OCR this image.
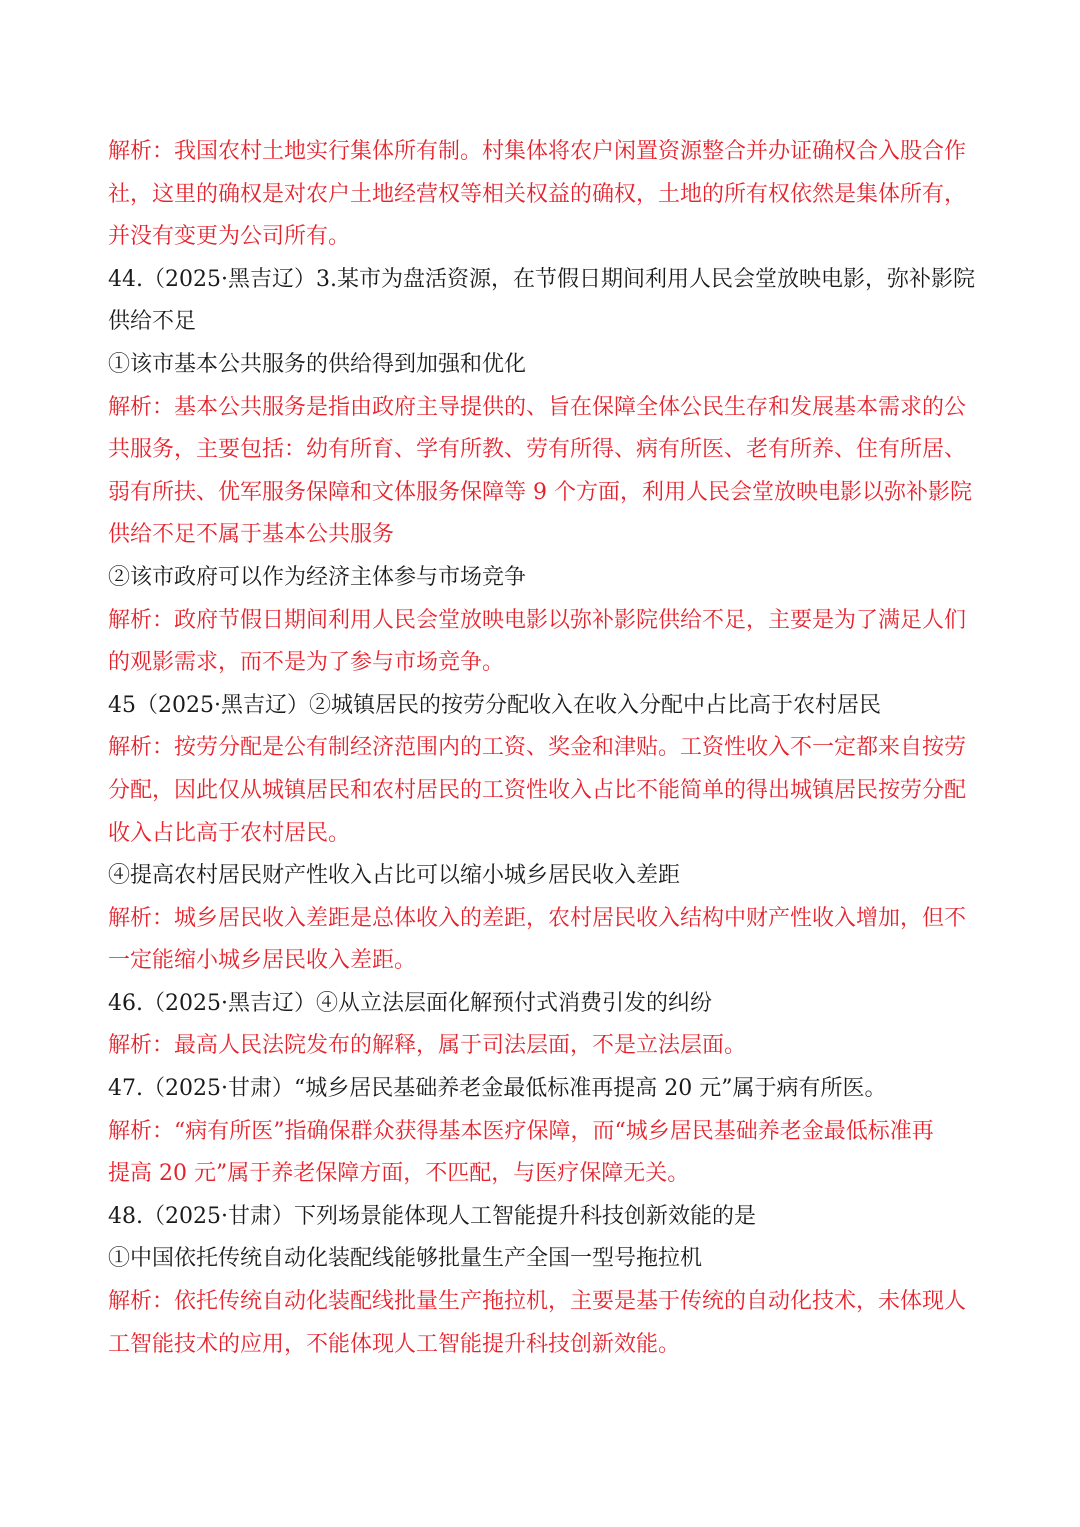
解析：我国农村土地实行集体所有制。村集体将农户闲置资源整合并办证确权合入股合作
社，这里的确权是对农户土地经营权等相关权益的确权，土地的所有权依然是集体所有，
并没有变更为公司所有。
44.（2025·黑吉辽）3.某市为盘活资源，在节假日期间利用人民会堂放映电影，弥补影院
供给不足
①该市基本公共服务的供给得到加强和优化
解析：基本公共服务是指由政府主导提供的、旨在保障全体公民生存和发展基本需求的公
共服务，主要包括：幼有所育、学有所教、劳有所得、病有所医、老有所养、住有所居、
弱有所扶、优军服务保障和文体服务保障等 9 个方面，利用人民会堂放映电影以弥补影院
供给不足不属于基本公共服务
②该市政府可以作为经济主体参与市场竞争
解析：政府节假日期间利用人民会堂放映电影以弥补影院供给不足，主要是为了满足人们
的观影需求，而不是为了参与市场竞争。
45（2025·黑吉辽）②城镇居民的按劳分配收入在收入分配中占比高于农村居民
解析：按劳分配是公有制经济范围内的工资、奖金和津贴。工资性收入不一定都来自按劳
分配，因此仅从城镇居民和农村居民的工资性收入占比不能简单的得出城镇居民按劳分配
收入占比高于农村居民。
④提高农村居民财产性收入占比可以缩小城乡居民收入差距
解析：城乡居民收入差距是总体收入的差距，农村居民收入结构中财产性收入增加，但不
一定能缩小城乡居民收入差距。
46.（2025·黑吉辽）④从立法层面化解预付式消费引发的纠纷
解析：最高人民法院发布的解释，属于司法层面，不是立法层面。
47.（2025·甘肃）“城乡居民基础养老金最低标准再提高 20 元”属于病有所医。
解析：“病有所医”指确保群众获得基本医疗保障，而“城乡居民基础养老金最低标准再
提高 20 元”属于养老保障方面，不匹配，与医疗保障无关。
48.（2025·甘肃）下列场景能体现人工智能提升科技创新效能的是
①中国依托传统自动化装配线能够批量生产全国一型号拖拉机
解析：依托传统自动化装配线批量生产拖拉机，主要是基于传统的自动化技术，未体现人
工智能技术的应用，不能体现人工智能提升科技创新效能。
